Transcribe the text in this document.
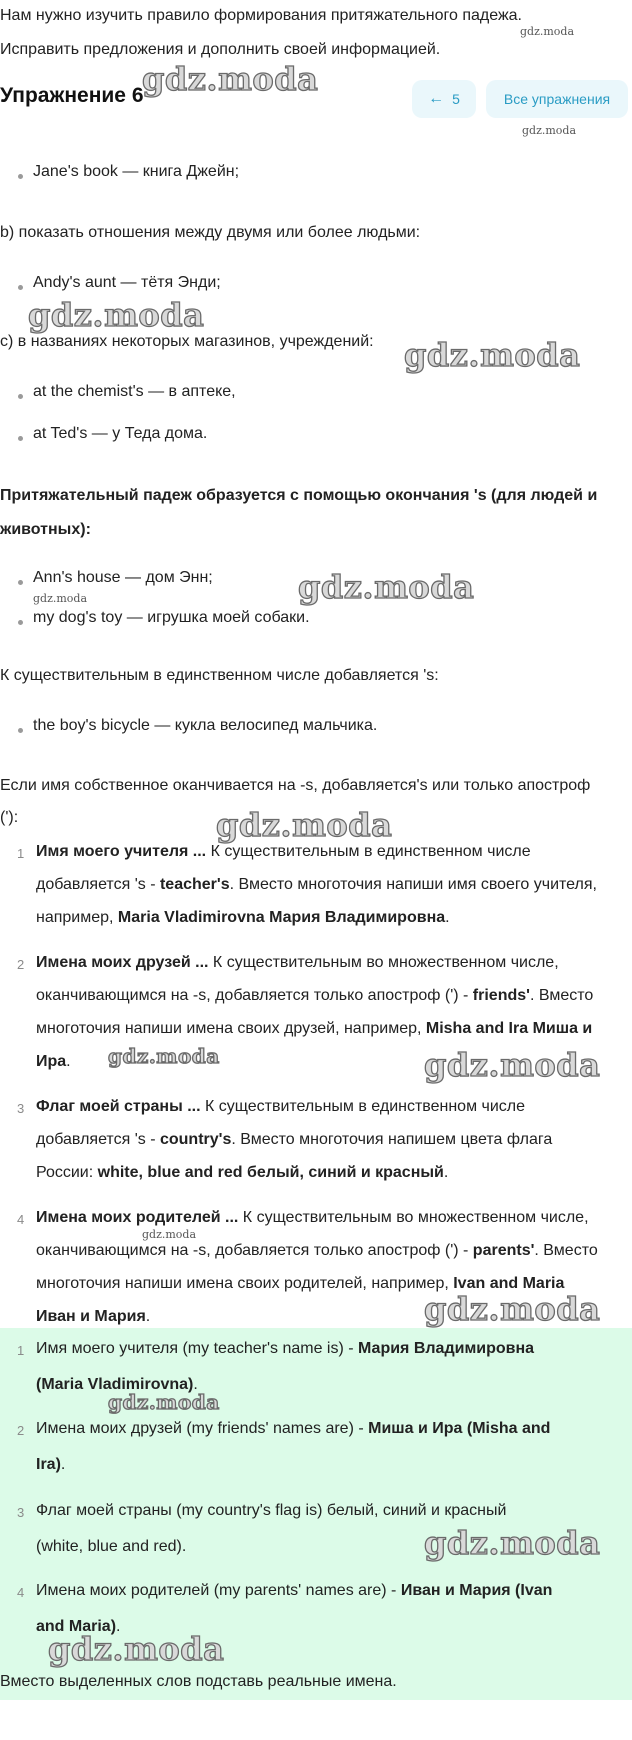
Нам нужно изучить правило формирования притяжательного падежа.
Исправить предложения и дополнить своей информацией.
gdz.moda
Упражнение 6
gdz.moda
← 5	Все упражнения
gdz.moda
Jane's book — книга Джейн;
b) показать отношения между двумя или более людьми:
Andy's aunt — тётя Энди;
gdz.moda
c) в названиях некоторых магазинов, учреждений: gdz.moda
at the chemist's — в аптеке,
at Ted's — у Теда дома.
Притяжательный падеж образуется с помощью окончания 's (для людей и
животных):
Ann's house — дом Энн;
gdz.moda	gdz.moda
my dog's toy — игрушка моей собаки.
К существительным в единственном числе добавляется 's:
the boy's bicycle — кукла велосипед мальчика.
Если имя собственное оканчивается на -s, добавляется's или только апостроф
('):	gdz.moda
1 Имя моего учителя ... К существительным в единственном числе
добавляется 's - teacher's. Вместо многоточия напиши имя своего учителя,
например, Maria Vladimirovna Мария Владимировна.
2 Имена моих друзей ... К существительным во множественном числе,
оканчивающимся на -s, добавляется только апостроф (') - friends'. Вместо
многоточия напиши имена своих друзей, например, Misha and Ira Миша и
Ира. gdz.moda	gdz.moda
3 Флаг моей страны ... К существительным в единственном числе
добавляется 's - country's. Вместо многоточия напишем цвета флага
России: white, blue and red белый, синий и красный.
4 Имена моих родителей ... К существительным во множественном числе,
gdz.moda
оканчивающимся на -s, добавляется только апостроф (') - parents'. Вместо
многоточия напиши имена своих родителей, например, Ivan and Maria
Иван и Мария.	gdz.moda
1 Имя моего учителя (my teacher's name is) - Мария Владимировна
(Maria Vladimirovna).
gdz.moda
2 Имена моих друзей (my friends' names are) - Миша и Ира (Misha and
Ira).
3 Флаг моей страны (my country's flag is) белый, синий и красный
(white, blue and red).	gdz.moda
4 Имена моих родителей (my parents' names are) - Иван и Мария (Ivan
and Maria).
gdz.moda
Вместо выделенных слов подставь реальные имена.
